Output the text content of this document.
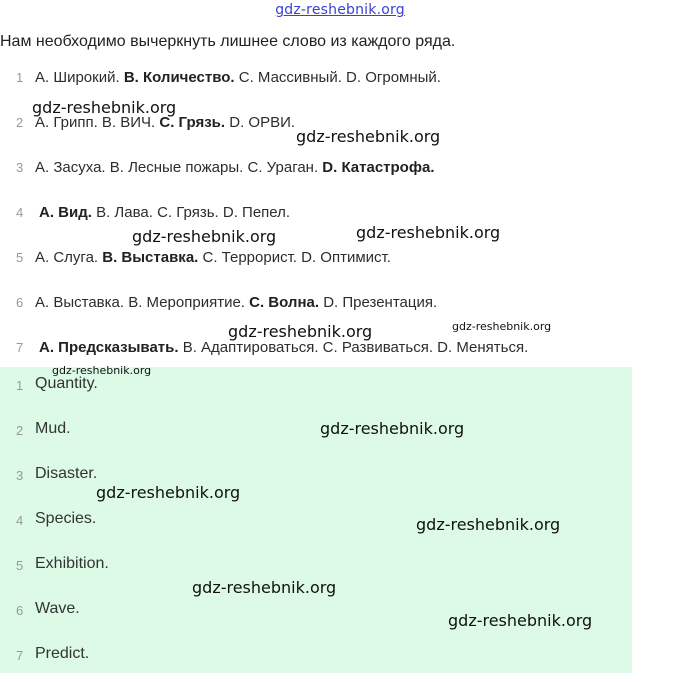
gdz-reshebnik.org
Нам необходимо вычеркнуть лишнее слово из каждого ряда.
1 A. Широкий. B. Количество. C. Массивный. D. Огромный.
2 A. Грипп. B. ВИЧ. C. Грязь. D. ОРВИ.
3 A. Засуха. B. Лесные пожары. C. Ураган. D. Катастрофа.
4 A. Вид. B. Лава. C. Грязь. D. Пепел.
5 A. Слуга. B. Выставка. C. Террорист. D. Оптимист.
6 A. Выставка. B. Мероприятие. C. Волна. D. Презентация.
7 A. Предсказывать. B. Адаптироваться. C. Развиваться. D. Меняться.
1 Quantity.
2 Mud.
3 Disaster.
4 Species.
5 Exhibition.
6 Wave.
7 Predict.
gdz-reshebnik.org
gdz-reshebnik.org
gdz-reshebnik.org
gdz-reshebnik.org
gdz-reshebnik.org	gdz-reshebnik.org
gdz-reshebnik.org
gdz-reshebnik.org
gdz-reshebnik.org
gdz-reshebnik.org
gdz-reshebnik.org
gdz-reshebnik.org
